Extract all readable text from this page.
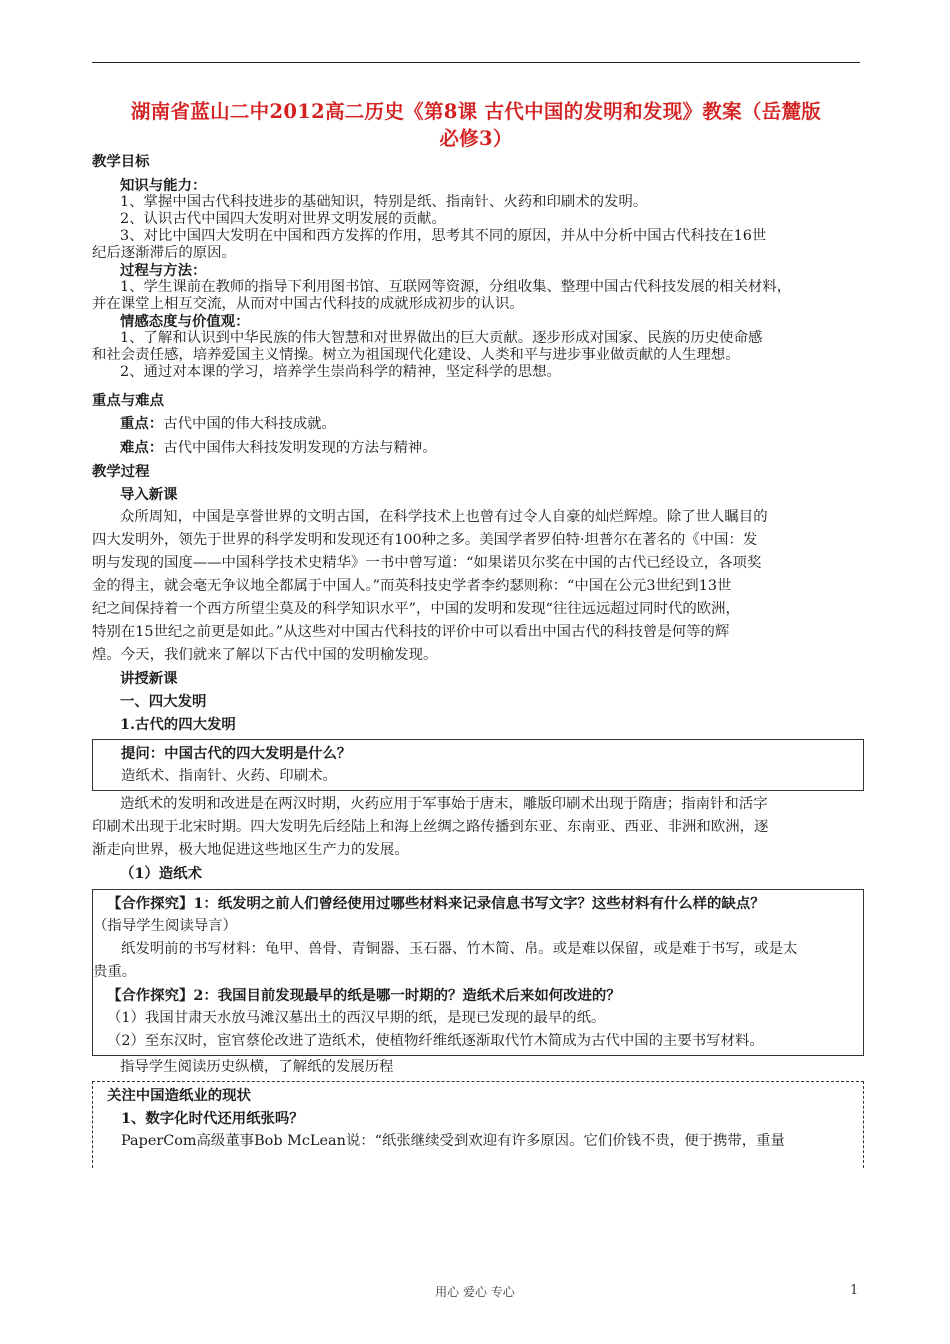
湖南省蓝山二中2012高二历史《第8课 古代中国的发明和发现》教案（岳麓版
必修3）

教学目标

知识与能力：

1、掌握中国古代科技进步的基础知识，特别是纸、指南针、火药和印刷术的发明。

2、认识古代中国四大发明对世界文明发展的贡献。

3、对比中国四大发明在中国和西方发挥的作用，思考其不同的原因，并从中分析中国古代科技在16世

纪后逐渐滞后的原因。

过程与方法：

1、学生课前在教师的指导下利用图书馆、互联网等资源，分组收集、整理中国古代科技发展的相关材料，

并在课堂上相互交流，从而对中国古代科技的成就形成初步的认识。

情感态度与价值观：

1、了解和认识到中华民族的伟大智慧和对世界做出的巨大贡献。逐步形成对国家、民族的历史使命感

和社会责任感，培养爱国主义情操。树立为祖国现代化建设、人类和平与进步事业做贡献的人生理想。

2、通过对本课的学习，培养学生崇尚科学的精神，坚定科学的思想。

重点与难点

重点：古代中国的伟大科技成就。

难点：古代中国伟大科技发明发现的方法与精神。

教学过程

导入新课

众所周知，中国是享誉世界的文明古国，在科学技术上也曾有过令人自豪的灿烂辉煌。除了世人瞩目的

四大发明外，领先于世界的科学发明和发现还有100种之多。美国学者罗伯特·坦普尔在著名的《中国：发

明与发现的国度——中国科学技术史精华》一书中曾写道：“如果诺贝尔奖在中国的古代已经设立，各项奖

金的得主，就会毫无争议地全都属于中国人。”而英科技史学者李约瑟则称：“中国在公元3世纪到13世

纪之间保持着一个西方所望尘莫及的科学知识水平”，中国的发明和发现“往往远远超过同时代的欧洲，

特别在15世纪之前更是如此。”从这些对中国古代科技的评价中可以看出中国古代的科技曾是何等的辉

煌。今天，我们就来了解以下古代中国的发明榆发现。

讲授新课

一、四大发明

1.古代的四大发明

提问：中国古代的四大发明是什么？

造纸术、指南针、火药、印刷术。

造纸术的发明和改进是在两汉时期，火药应用于军事始于唐末，雕版印刷术出现于隋唐；指南针和活字

印刷术出现于北宋时期。四大发明先后经陆上和海上丝绸之路传播到东亚、东南亚、西亚、非洲和欧洲，逐

渐走向世界，极大地促进这些地区生产力的发展。

（1）造纸术

【合作探究】1：纸发明之前人们曾经使用过哪些材料来记录信息书写文字？这些材料有什么样的缺点？

（指导学生阅读导言）

纸发明前的书写材料：龟甲、兽骨、青铜器、玉石器、竹木简、帛。或是难以保留，或是难于书写，或是太

贵重。

【合作探究】2：我国目前发现最早的纸是哪一时期的？造纸术后来如何改进的？

（1）我国甘肃天水放马滩汉墓出土的西汉早期的纸，是现已发现的最早的纸。

（2）至东汉时，宦官蔡伦改进了造纸术，使植物纤维纸逐渐取代竹木简成为古代中国的主要书写材料。

指导学生阅读历史纵横，了解纸的发展历程

关注中国造纸业的现状

1、数字化时代还用纸张吗？

PaperCom高级董事Bob McLean说：“纸张继续受到欢迎有许多原因。它们价钱不贵，便于携带，重量

用心 爱心 专心	1
